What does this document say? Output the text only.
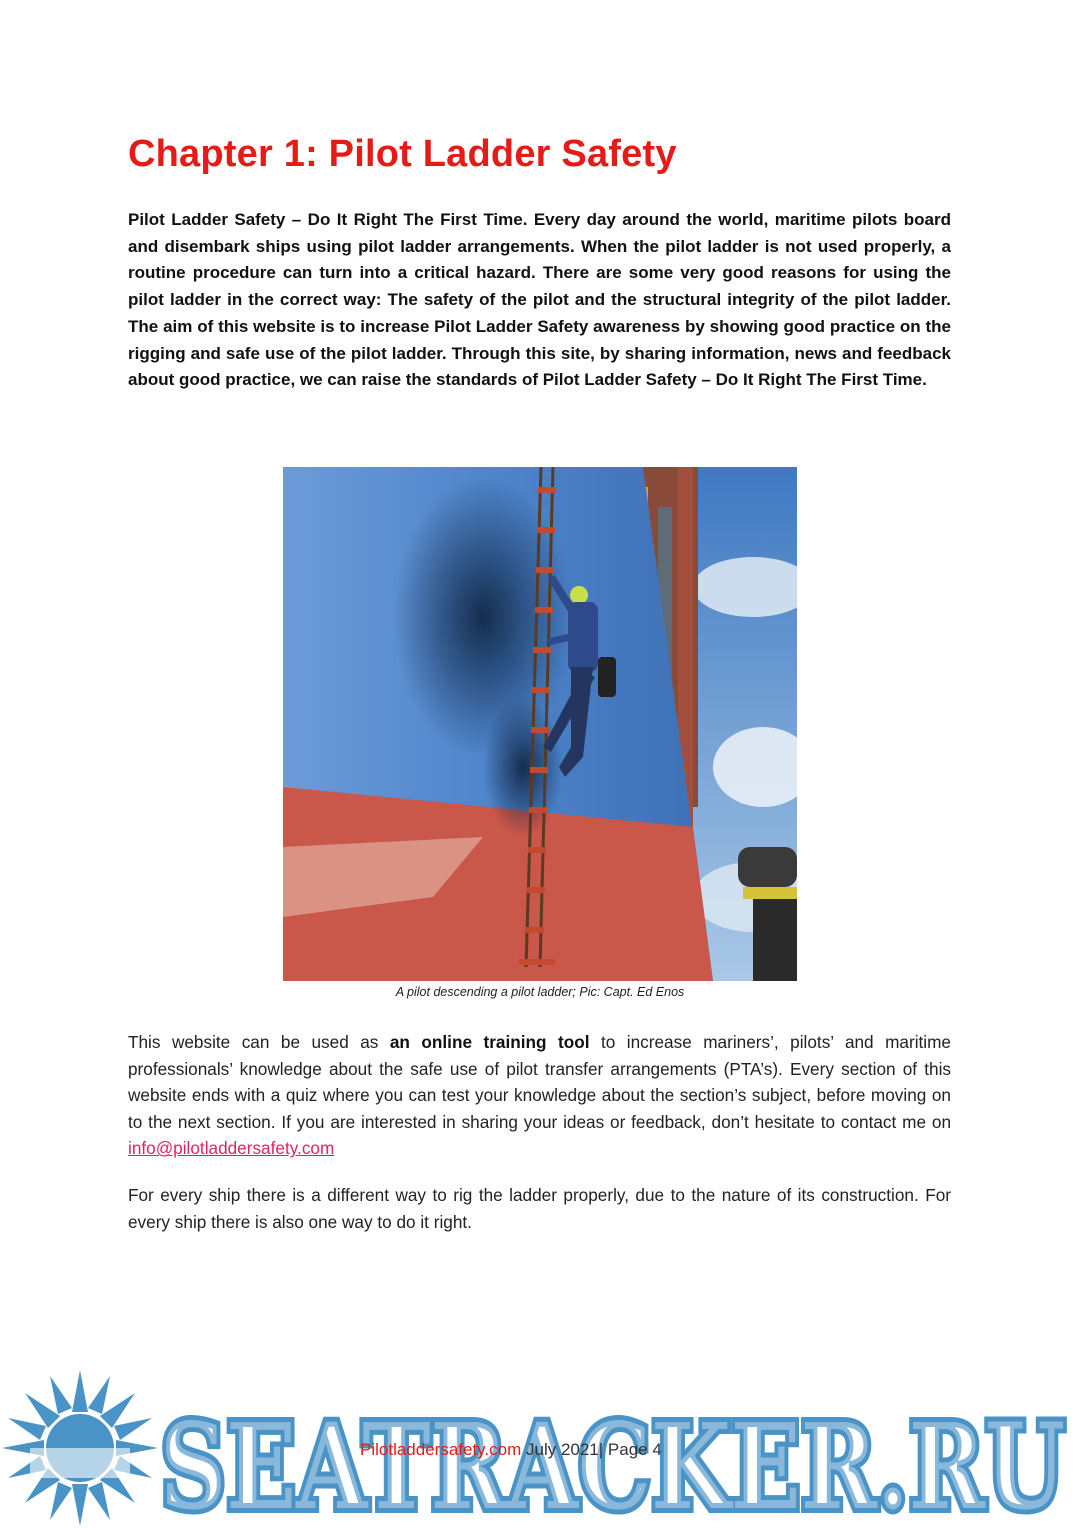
Chapter 1: Pilot Ladder Safety

Pilot Ladder Safety – Do It Right The First Time. Every day around the world, maritime pilots board and disembark ships using pilot ladder arrangements. When the pilot ladder is not used properly, a routine procedure can turn into a critical hazard. There are some very good reasons for using the pilot ladder in the correct way: The safety of the pilot and the structural integrity of the pilot ladder. The aim of this website is to increase Pilot Ladder Safety awareness by showing good practice on the rigging and safe use of the pilot ladder. Through this site, by sharing information, news and feedback about good practice, we can raise the standards of Pilot Ladder Safety – Do It Right The First Time.

A pilot descending a pilot ladder; Pic: Capt. Ed Enos

This website can be used as an online training tool to increase mariners’, pilots’ and maritime professionals’ knowledge about the safe use of pilot transfer arrangements (PTA’s). Every section of this website ends with a quiz where you can test your knowledge about the section’s subject, before moving on to the next section. If you are interested in sharing your ideas or feedback, don’t hesitate to contact me on info@pilotladdersafety.com

For every ship there is a different way to rig the ladder properly, due to the nature of its construction. For every ship there is also one way to do it right.

SEATRACKER.RU
SEATRACKER.RU
Pilotladdersafety.com July 2021| Page 4
